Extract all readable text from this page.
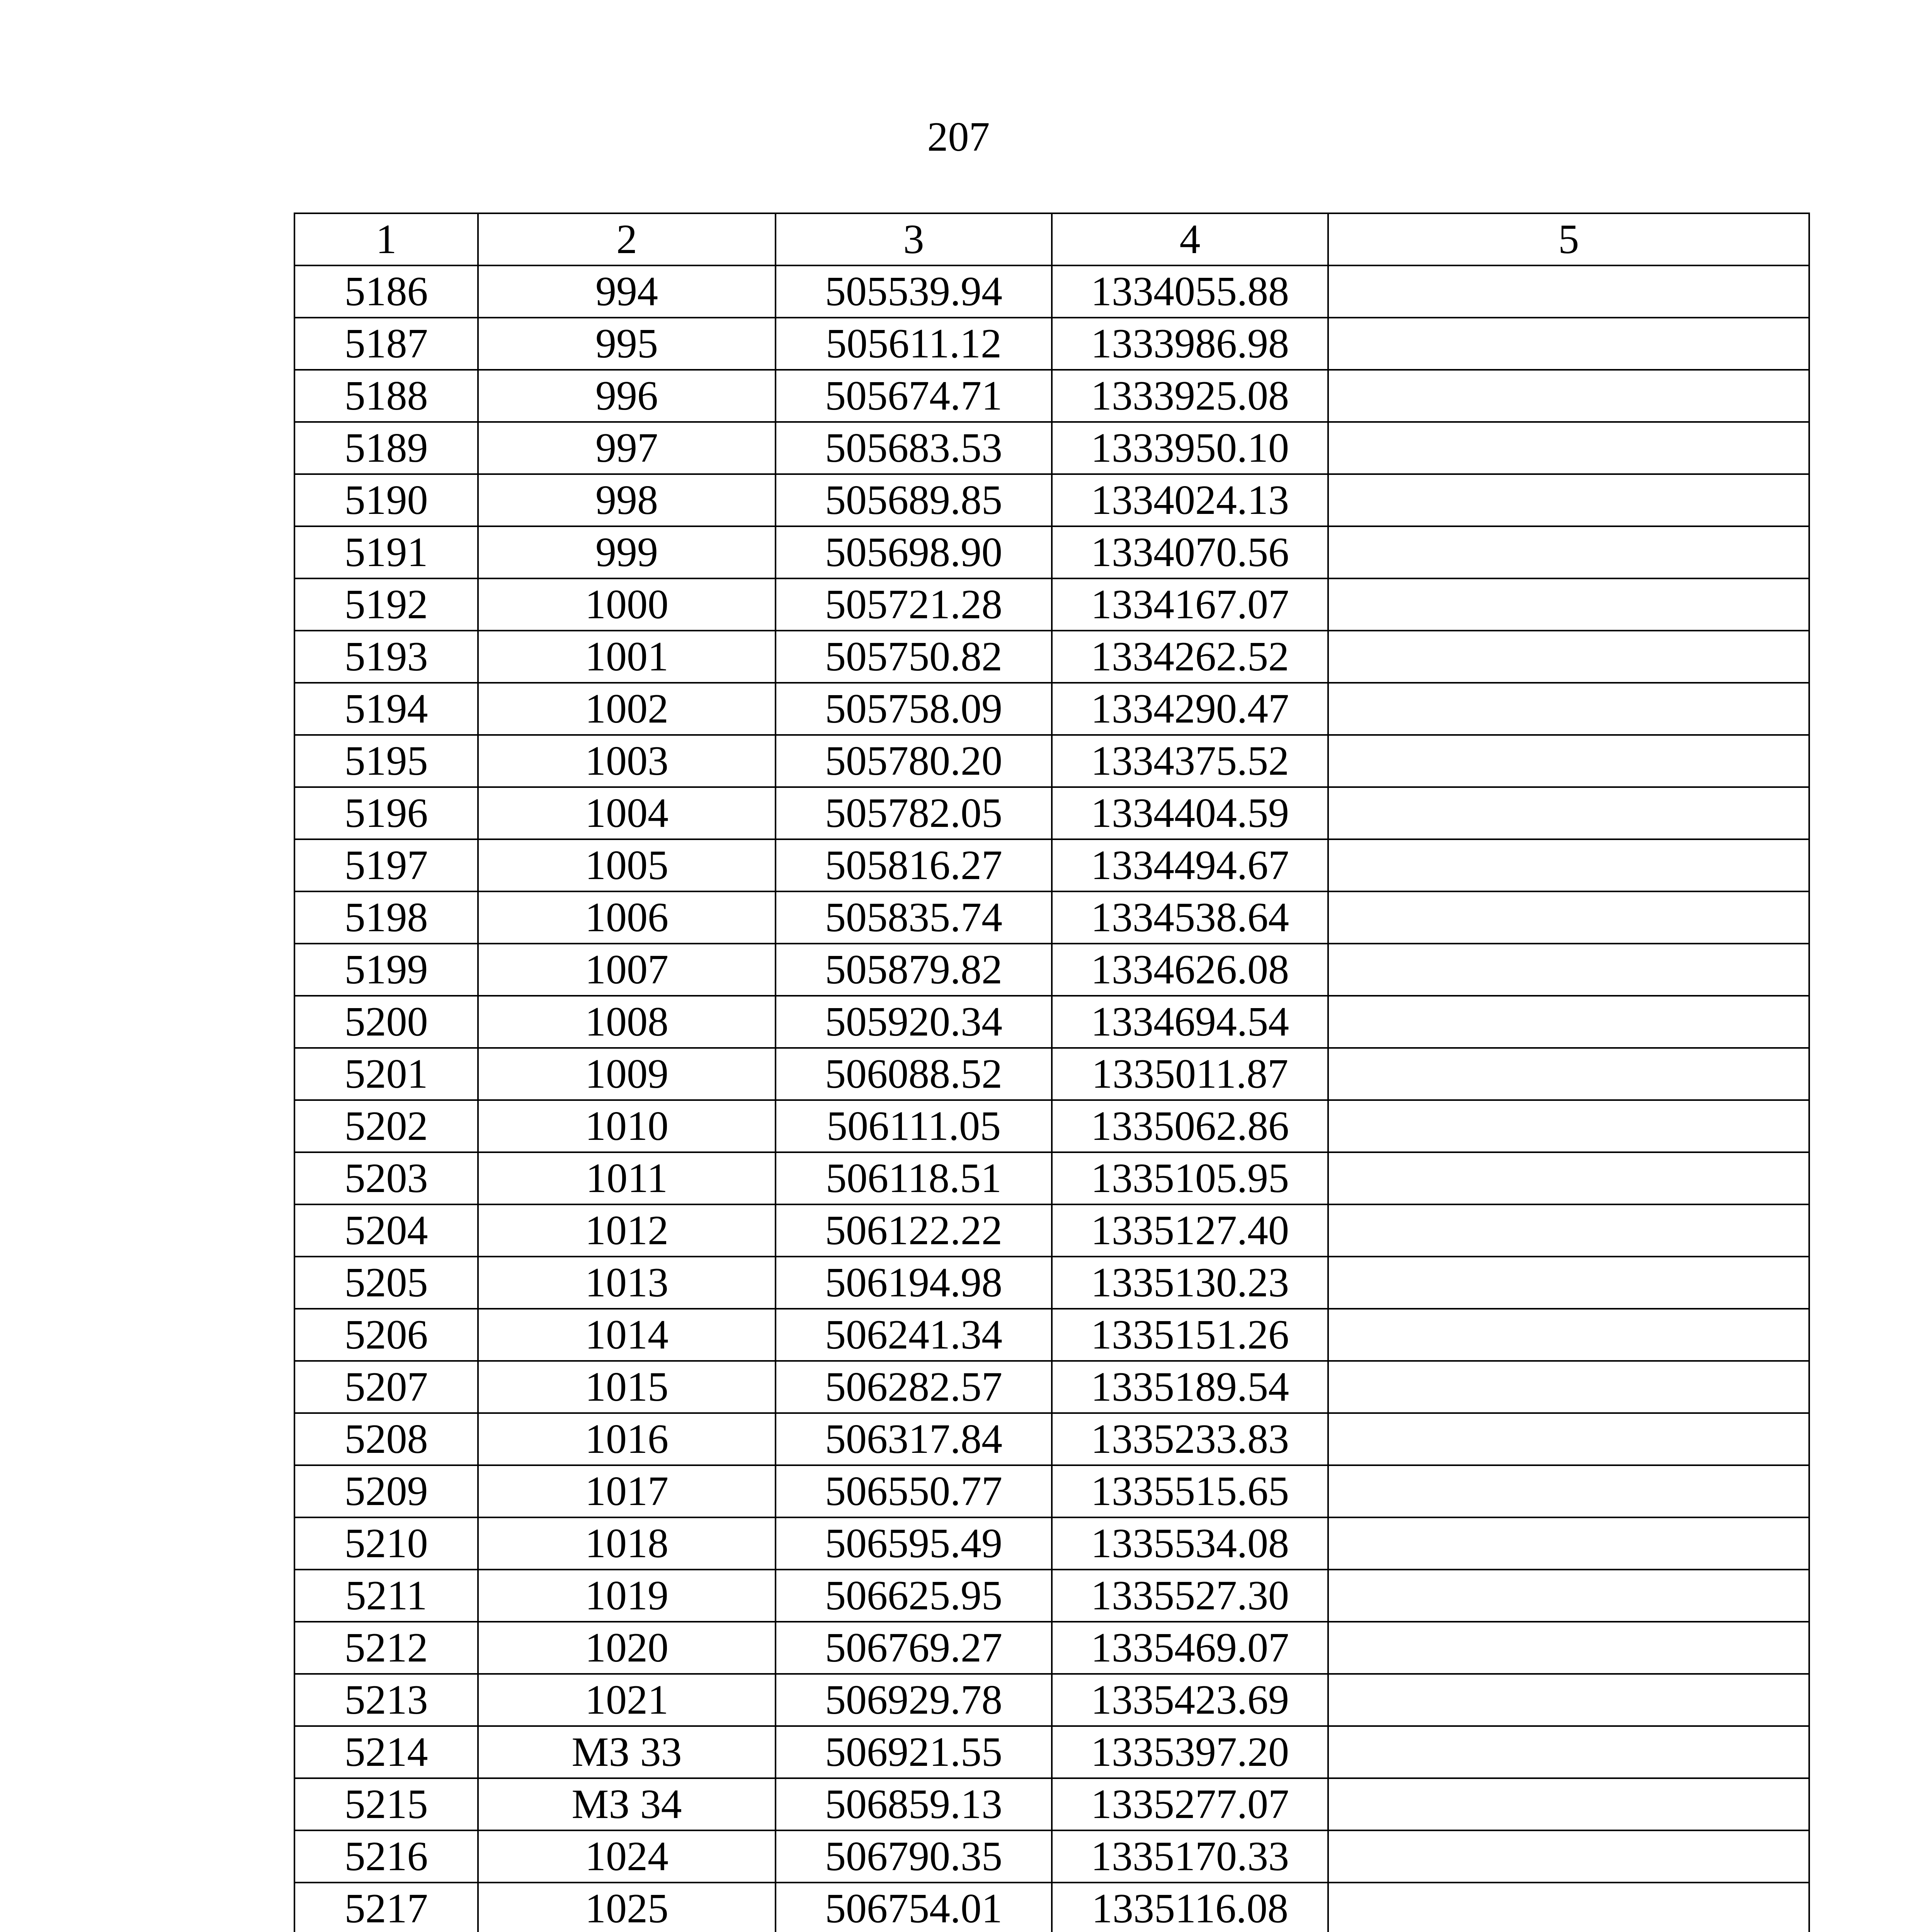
207
1	2	3	4	5
5186	994	505539.94	1334055.88	
5187	995	505611.12	1333986.98	
5188	996	505674.71	1333925.08	
5189	997	505683.53	1333950.10	
5190	998	505689.85	1334024.13	
5191	999	505698.90	1334070.56	
5192	1000	505721.28	1334167.07	
5193	1001	505750.82	1334262.52	
5194	1002	505758.09	1334290.47	
5195	1003	505780.20	1334375.52	
5196	1004	505782.05	1334404.59	
5197	1005	505816.27	1334494.67	
5198	1006	505835.74	1334538.64	
5199	1007	505879.82	1334626.08	
5200	1008	505920.34	1334694.54	
5201	1009	506088.52	1335011.87	
5202	1010	506111.05	1335062.86	
5203	1011	506118.51	1335105.95	
5204	1012	506122.22	1335127.40	
5205	1013	506194.98	1335130.23	
5206	1014	506241.34	1335151.26	
5207	1015	506282.57	1335189.54	
5208	1016	506317.84	1335233.83	
5209	1017	506550.77	1335515.65	
5210	1018	506595.49	1335534.08	
5211	1019	506625.95	1335527.30	
5212	1020	506769.27	1335469.07	
5213	1021	506929.78	1335423.69	
5214	МЗ 33	506921.55	1335397.20	
5215	МЗ 34	506859.13	1335277.07	
5216	1024	506790.35	1335170.33	
5217	1025	506754.01	1335116.08	
